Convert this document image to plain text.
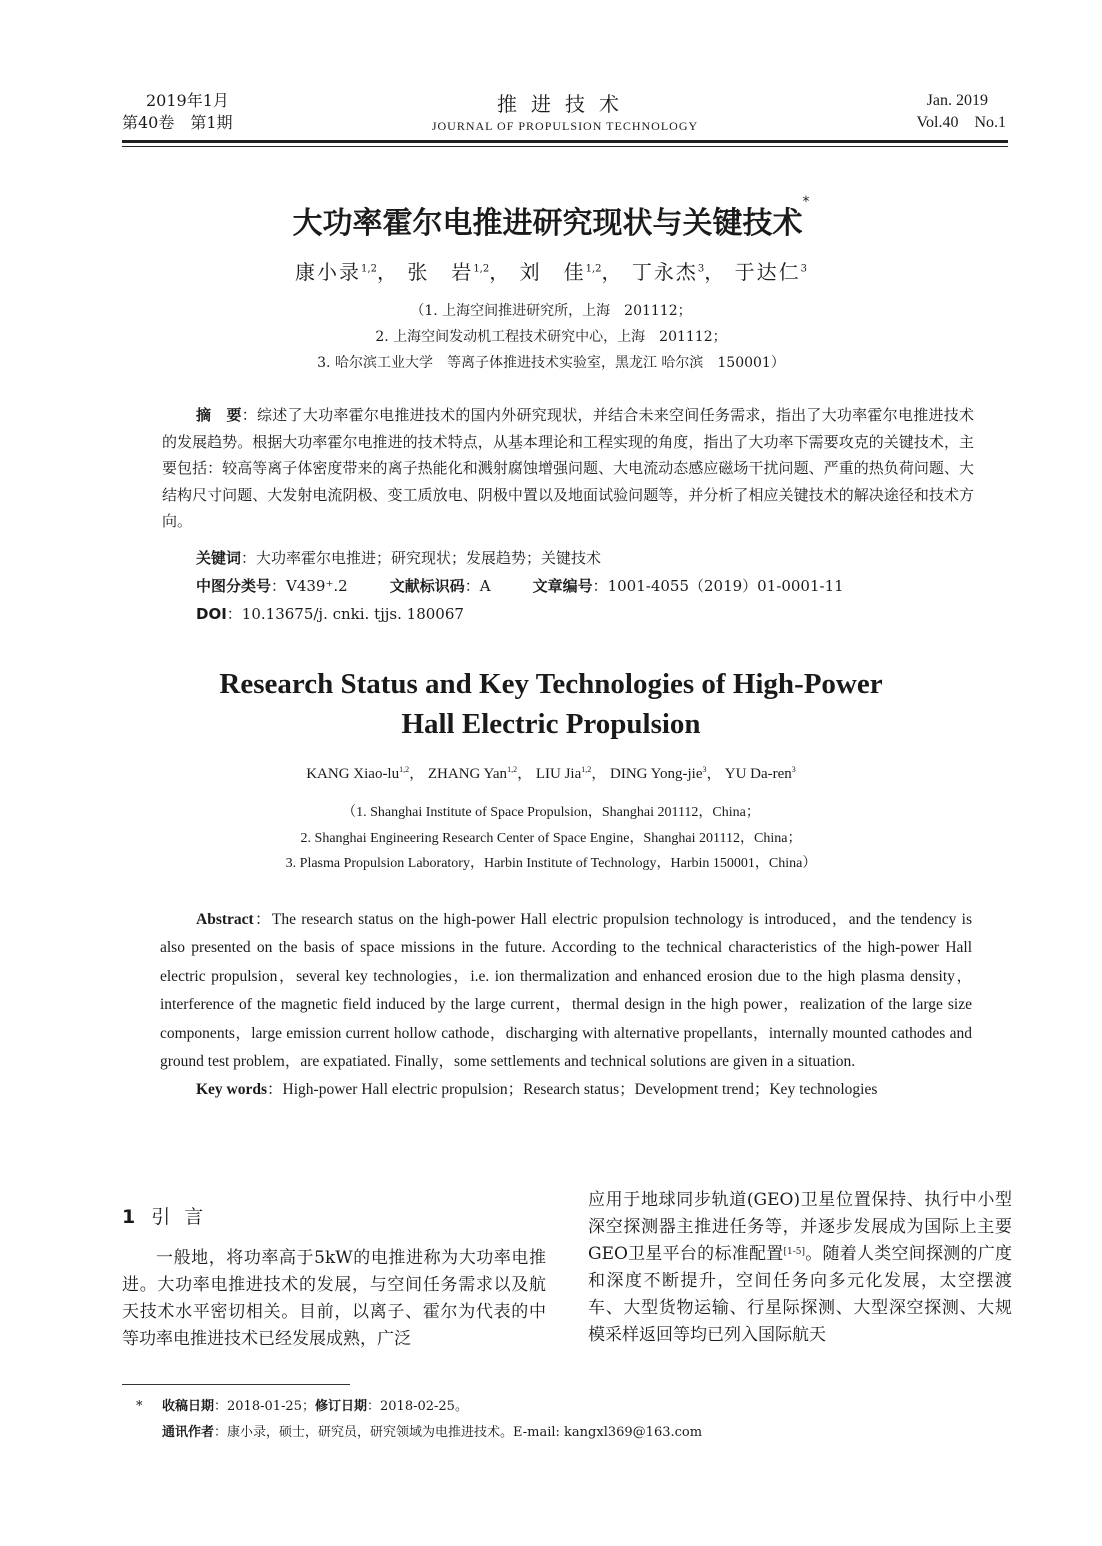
2019年1月
第40卷　第1期
推进技术
JOURNAL OF PROPULSION TECHNOLOGY
Jan. 2019
Vol.40　No.1
大功率霍尔电推进研究现状与关键技术*
康小录$^{1,2}$， 张　岩$^{1,2}$， 刘　佳$^{1,2}$， 丁永杰$^3$， 于达仁$^3$
（1. 上海空间推进研究所，上海　201112；
2. 上海空间发动机工程技术研究中心，上海　201112；
3. 哈尔滨工业大学　等离子体推进技术实验室，黑龙江 哈尔滨　150001）
摘　要：综述了大功率霍尔电推进技术的国内外研究现状，并结合未来空间任务需求，指出了大功率霍尔电推进技术的发展趋势。根据大功率霍尔电推进的技术特点，从基本理论和工程实现的角度，指出了大功率下需要攻克的关键技术，主要包括：较高等离子体密度带来的离子热能化和溅射腐蚀增强问题、大电流动态感应磁场干扰问题、严重的热负荷问题、大结构尺寸问题、大发射电流阴极、变工质放电、阴极中置以及地面试验问题等，并分析了相应关键技术的解决途径和技术方向。
关键词：大功率霍尔电推进；研究现状；发展趋势；关键技术
中图分类号：V439⁺.2	文献标识码：A	文章编号：1001-4055（2019）01-0001-11
DOI：10.13675/j. cnki. tjjs. 180067
Research Status and Key Technologies of High-Power
Hall Electric Propulsion
KANG Xiao-lu$^{1,2}$， ZHANG Yan$^{1,2}$， LIU Jia$^{1,2}$， DING Yong-jie$^3$， YU Da-ren$^3$
（1. Shanghai Institute of Space Propulsion，Shanghai 201112，China；
2. Shanghai Engineering Research Center of Space Engine，Shanghai 201112，China；
3. Plasma Propulsion Laboratory，Harbin Institute of Technology，Harbin 150001，China）
Abstract：The research status on the high-power Hall electric propulsion technology is introduced，and the tendency is also presented on the basis of space missions in the future. According to the technical characteristics of the high-power Hall electric propulsion，several key technologies，i.e. ion thermalization and enhanced erosion due to the high plasma density，interference of the magnetic field induced by the large current，thermal design in the high power，realization of the large size components，large emission current hollow cathode，discharging with alternative propellants，internally mounted cathodes and ground test problem，are expatiated. Finally，some settlements and technical solutions are given in a situation.
Key words：High-power Hall electric propulsion；Research status；Development trend；Key technologies
1 引言
一般地，将功率高于5kW的电推进称为大功率电推进。大功率电推进技术的发展，与空间任务需求以及航天技术水平密切相关。目前，以离子、霍尔为代表的中等功率电推进技术已经发展成熟，广泛
应用于地球同步轨道(GEO)卫星位置保持、执行中小型深空探测器主推进任务等，并逐步发展成为国际上主要GEO卫星平台的标准配置[1-5]。随着人类空间探测的广度和深度不断提升，空间任务向多元化发展，太空摆渡车、大型货物运输、行星际探测、大型深空探测、大规模采样返回等均已列入国际航天
* 收稿日期：2018-01-25；修订日期：2018-02-25。
通讯作者：康小录，硕士，研究员，研究领域为电推进技术。E-mail: kangxl369@163.com
